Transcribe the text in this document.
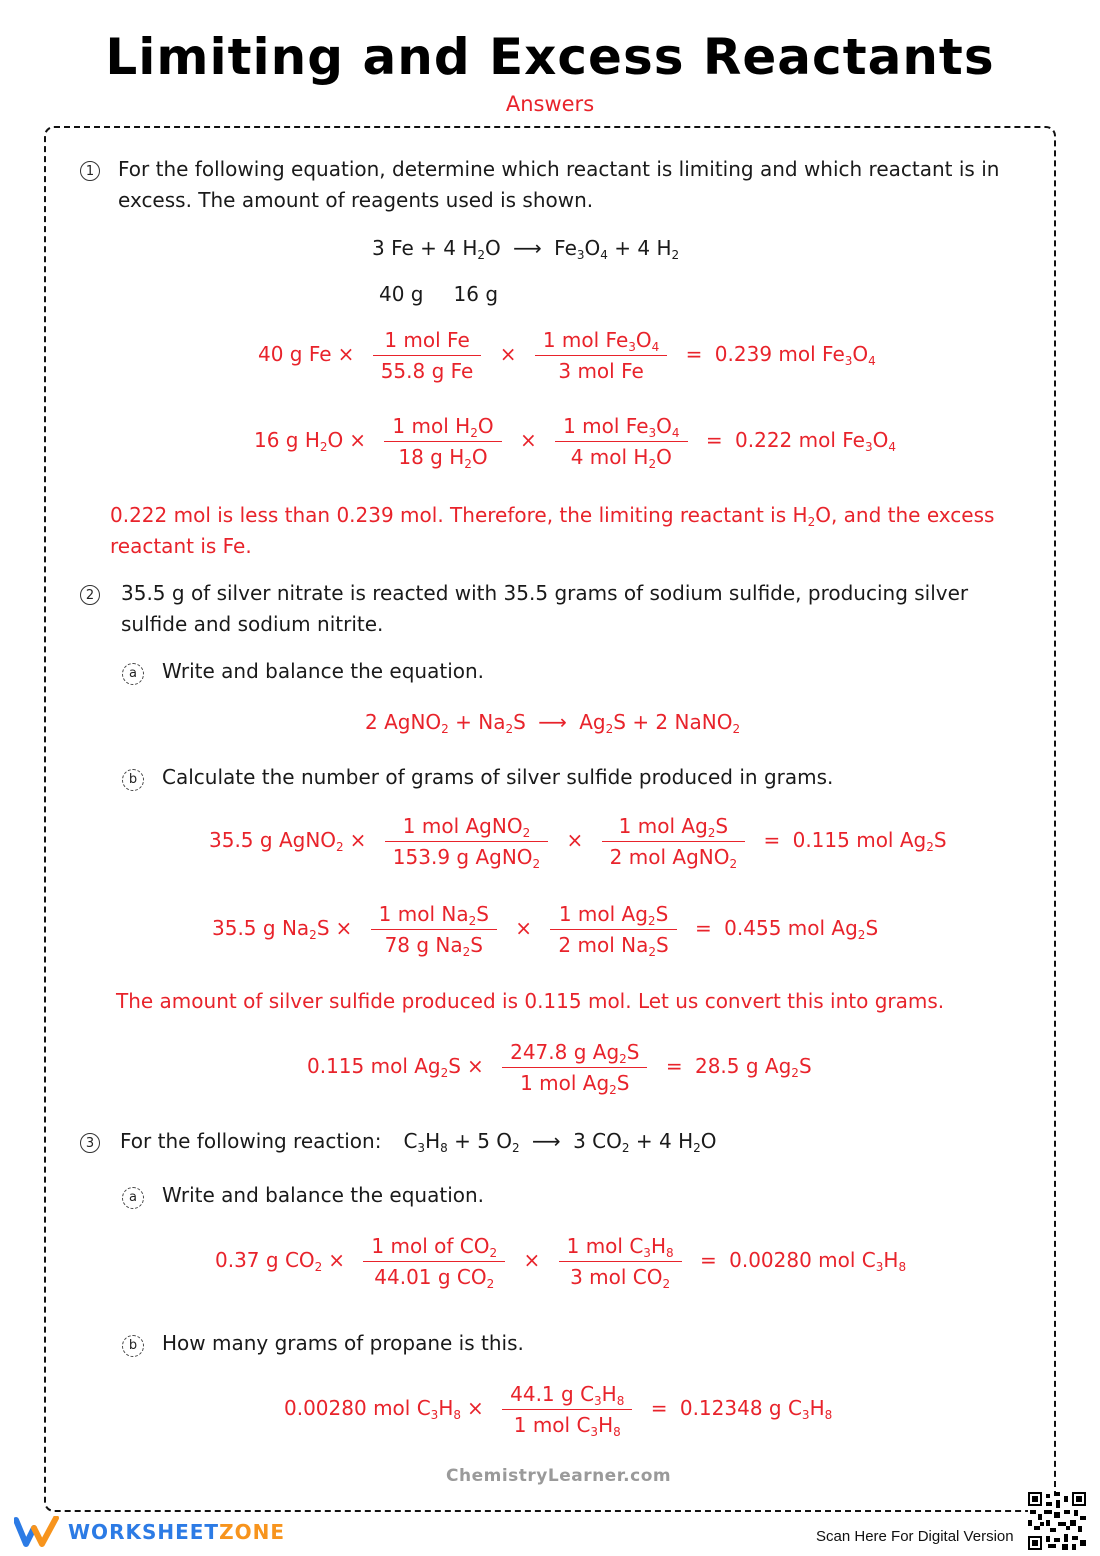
Limiting and Excess Reactants
Answers
1 For the following equation, determine which reactant is limiting and which reactant is in excess. The amount of reagents used is shown.
3 Fe + 4 $H_2O$ ⟶ $Fe_3O_4 + 4$ $H_2$
40 g 16 g
40 g $Fe \times \frac{\text{1 mol Fe}}{\text{55.8 g Fe}} \times \frac{1 mol Fe_3O_4}{\text{3 mol Fe}} = 0.239$ mol $Fe_3O_4$
16 g $H_2O \times \frac{1 mol H_2O}{18 g H_2O} \times \frac{1 mol Fe_3O_4}{4 mol H_2O} = 0.222$ mol $Fe_3O_4$
0.222 mol is less than 0.239 mol. Therefore, the limiting reactant is $H_2O$, and the excess
reactant is Fe.
2 35.5 g of silver nitrate is reacted with 35.5 grams of sodium sulfide, producing silver sulfide and sodium nitrite.
a	Write and balance the equation.
2 AgNO$_2$ + $Na_2S$ ⟶ $Ag_2S + 2$ NaNO$_2$
b	Calculate the number of grams of silver sulfide produced in grams.
35.5 g AgNO$_2$ × $\frac{1 mol AgNO_2}{153.9 g AgNO_2} \times \frac{1 mol Ag_2S}{2 mol AgNO_2} = 0.115$ mol $Ag_2S$
35.5 g $Na_2S \times \frac{1 mol Na_2S}{78 g Na_2S} \times \frac{1 mol Ag_2S}{2 mol Na_2S} = 0.455$ mol $Ag_2S$
The amount of silver sulfide produced is 0.115 mol. Let us convert this into grams.
0.115 mol $Ag_2S \times \frac{247.8 g Ag_2S}{1 mol Ag_2S} = 28.5$ g $Ag_2S$
3 For the following reaction: $C_3H_8 + 5$ $O_2$ ⟶ 3 $CO_2 + 4$ $H_2O$
a	Write and balance the equation.
0.37 g $CO_2 \times \frac{1 mol of CO_2}{44.01 g CO_2} \times \frac{1 mol C_3H_8}{3 mol CO_2} = 0.00280$ mol $C_3H_8$
b	How many grams of propane is this.
0.00280 mol $C_3H_8 \times \frac{44.1 g C_3H_8}{1 mol C_3H_8} = 0.12348$ g $C_3H_8$
ChemistryLearner.com
WORKSHEETZONE	Scan Here For Digital Version
